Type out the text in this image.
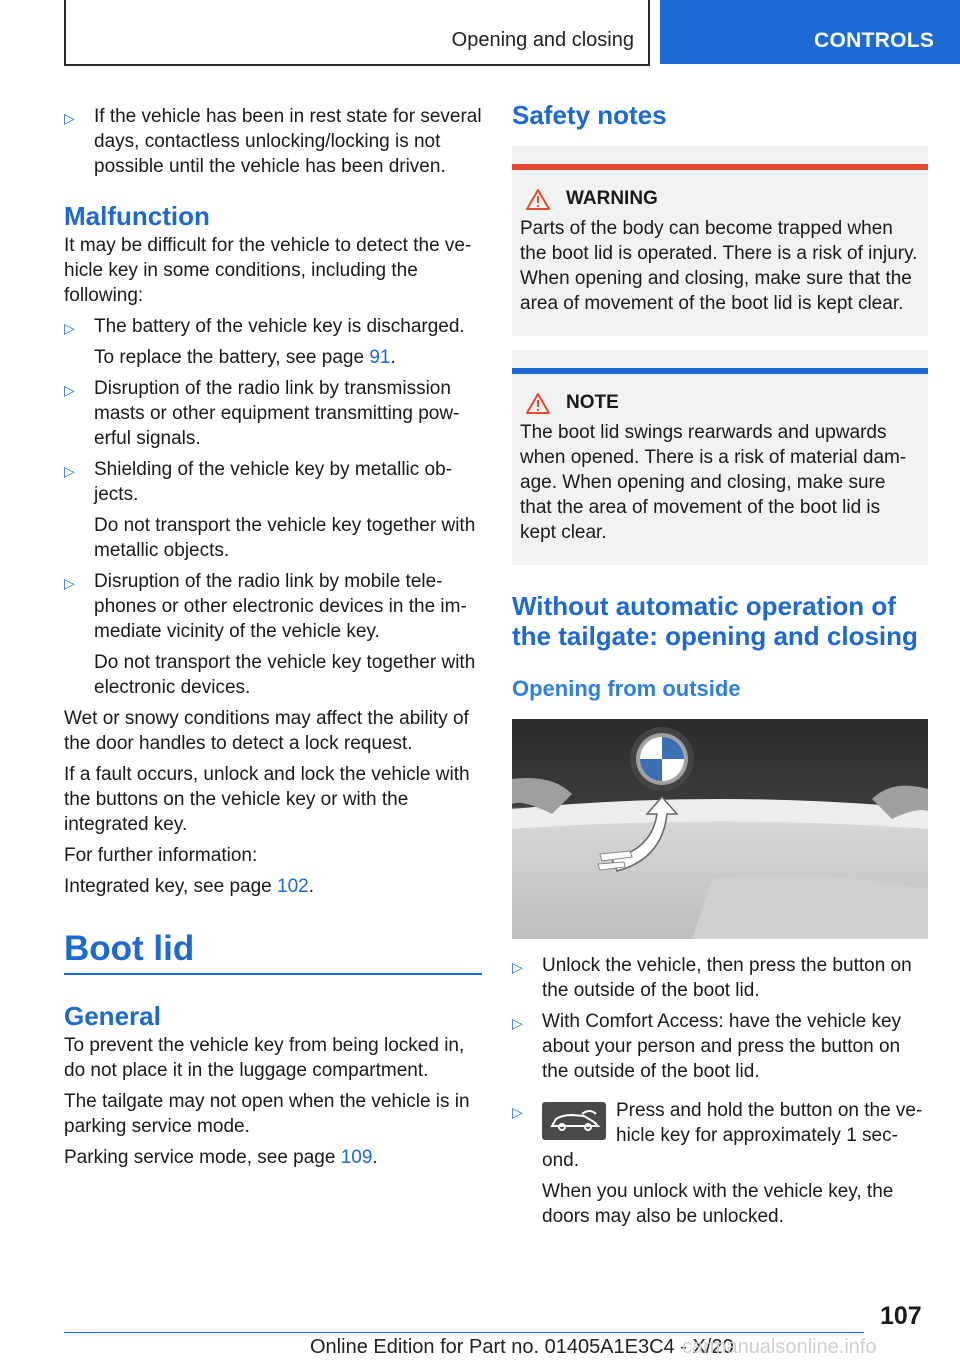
Opening and closing	CONTROLS
▷ If the vehicle has been in rest state for several days, contactless unlocking/locking is not possible until the vehicle has been driven.
Malfunction

It may be difficult for the vehicle to detect the ve‐hicle key in some conditions, including the following:

▷ The battery of the vehicle key is discharged.
To replace the battery, see page 91.
▷ Disruption of the radio link by transmission masts or other equipment transmitting pow‐erful signals.
▷ Shielding of the vehicle key by metallic ob‐jects.
Do not transport the vehicle key together with metallic objects.
▷ Disruption of the radio link by mobile tele‐phones or other electronic devices in the im‐mediate vicinity of the vehicle key.
Do not transport the vehicle key together with electronic devices.

Wet or snowy conditions may affect the ability of the door handles to detect a lock request.

If a fault occurs, unlock and lock the vehicle with the buttons on the vehicle key or with the integrated key.

For further information:

Integrated key, see page 102.

Boot lid
General

To prevent the vehicle key from being locked in, do not place it in the luggage compartment.

The tailgate may not open when the vehicle is in parking service mode.

Parking service mode, see page 109.

Safety notes
WARNING

Parts of the body can become trapped when the boot lid is operated. There is a risk of injury. When opening and closing, make sure that the area of movement of the boot lid is kept clear.

NOTE

The boot lid swings rearwards and upwards when opened. There is a risk of material dam‐age. When opening and closing, make sure that the area of movement of the boot lid is kept clear.

Without automatic operation of the tailgate: opening and closing
Opening from outside
▷ Unlock the vehicle, then press the button on the outside of the boot lid.
▷ With Comfort Access: have the vehicle key about your person and press the button on the outside of the boot lid.
▷	Press and hold the button on the ve‐hicle key for approximately 1 sec‐ond.
When you unlock with the vehicle key, the doors may also be unlocked.
107
Online Edition for Part no. 01405A1E3C4 - X/20
carmanualsonline.info
